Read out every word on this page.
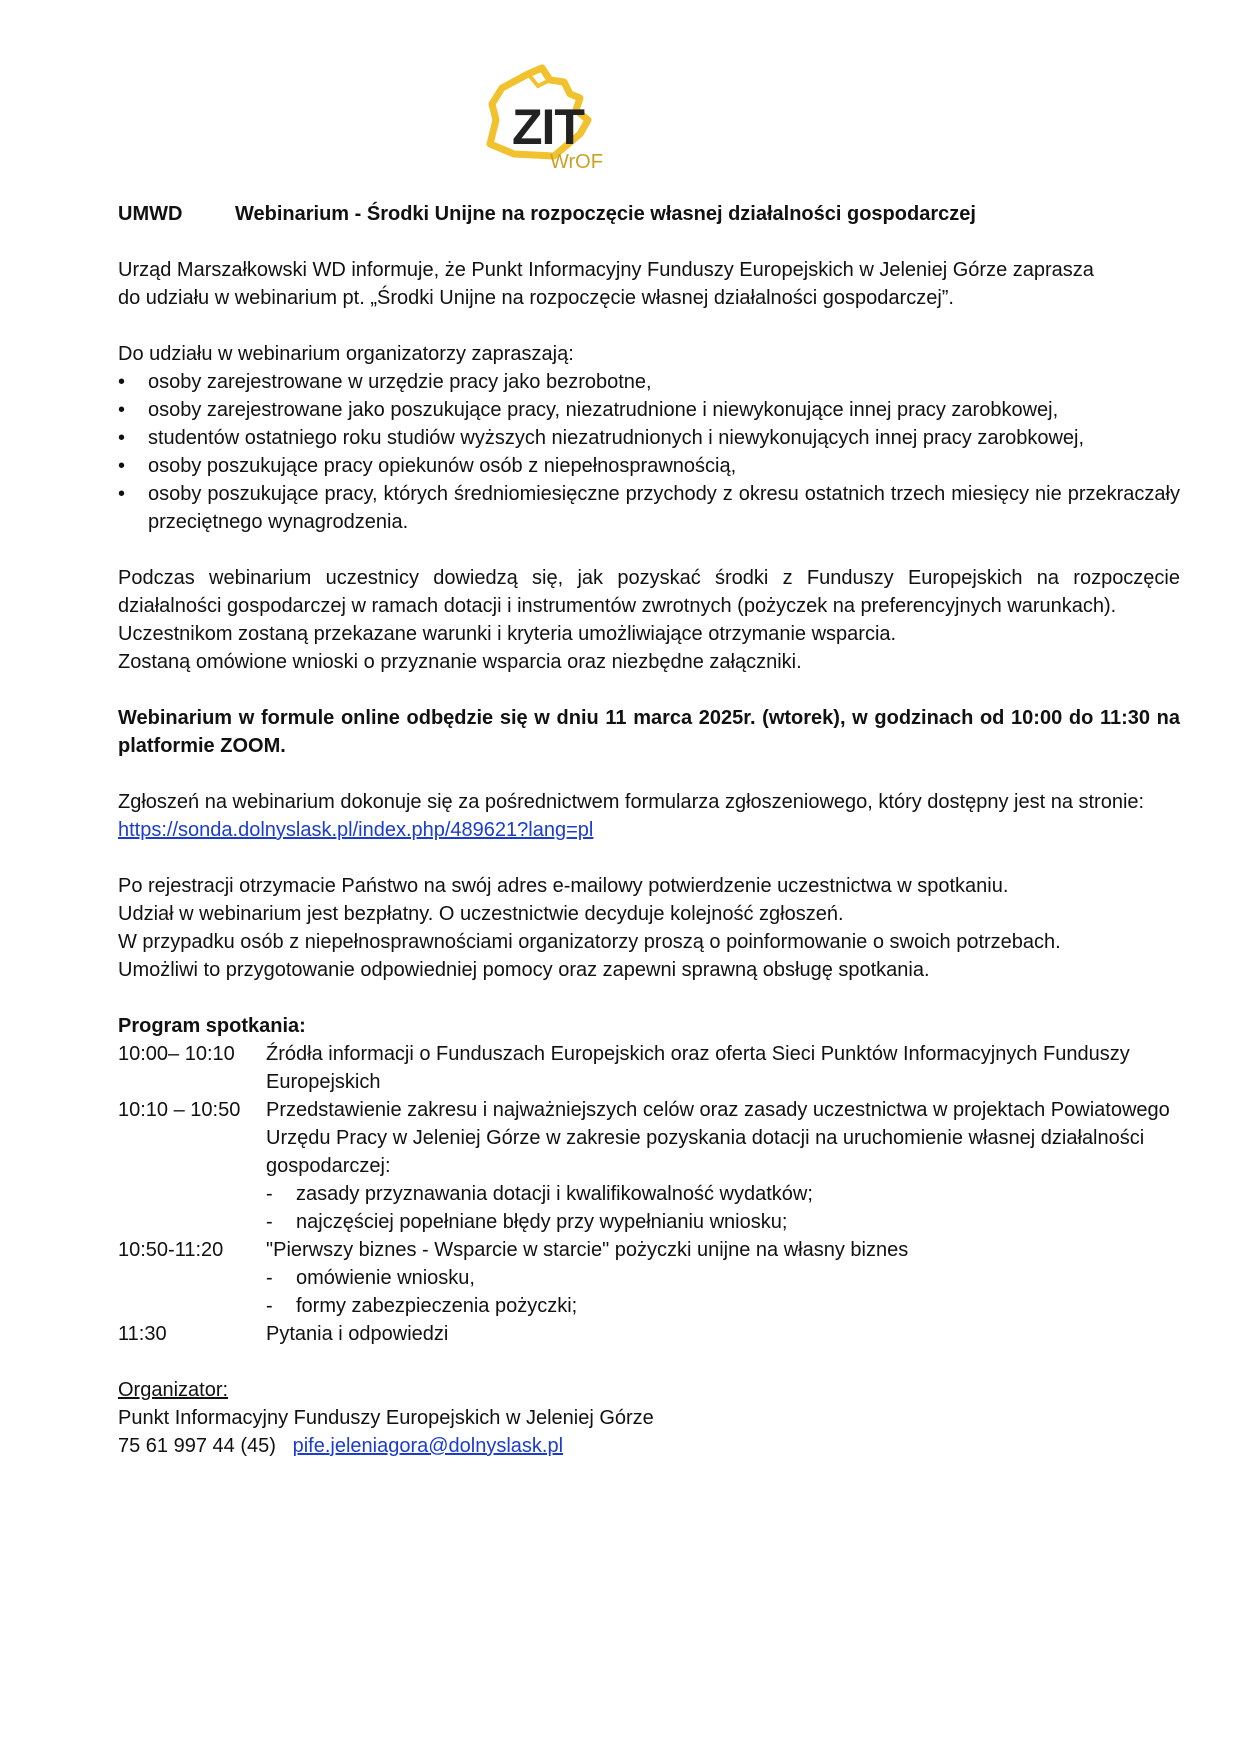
ZIT
WrOF
UMWD	Webinarium - Środki Unijne na rozpoczęcie własnej działalności gospodarczej

Urząd Marszałkowski WD informuje, że Punkt Informacyjny Funduszy Europejskich w Jeleniej Górze zaprasza

do udziału w webinarium pt. „Środki Unijne na rozpoczęcie własnej działalności gospodarczej”.

Do udziału w webinarium organizatorzy zapraszają:

• osoby zarejestrowane w urzędzie pracy jako bezrobotne,
• osoby zarejestrowane jako poszukujące pracy, niezatrudnione i niewykonujące innej pracy zarobkowej,
• studentów ostatniego roku studiów wyższych niezatrudnionych i niewykonujących innej pracy zarobkowej,
• osoby poszukujące pracy opiekunów osób z niepełnosprawnością,
• osoby poszukujące pracy, których średniomiesięczne przychody z okresu ostatnich trzech miesięcy nie przekraczały przeciętnego wynagrodzenia.

Podczas webinarium uczestnicy dowiedzą się, jak pozyskać środki z Funduszy Europejskich na rozpoczęcie działalności gospodarczej w ramach dotacji i instrumentów zwrotnych (pożyczek na preferencyjnych warunkach).

Uczestnikom zostaną przekazane warunki i kryteria umożliwiające otrzymanie wsparcia.

Zostaną omówione wnioski o przyznanie wsparcia oraz niezbędne załączniki.

Webinarium w formule online odbędzie się w dniu 11 marca 2025r. (wtorek), w godzinach od 10:00 do 11:30 na platformie ZOOM.

Zgłoszeń na webinarium dokonuje się za pośrednictwem formularza zgłoszeniowego, który dostępny jest na stronie:

https://sonda.dolnyslask.pl/index.php/489621?lang=pl

Po rejestracji otrzymacie Państwo na swój adres e-mailowy potwierdzenie uczestnictwa w spotkaniu.

Udział w webinarium jest bezpłatny. O uczestnictwie decyduje kolejność zgłoszeń.

W przypadku osób z niepełnosprawnościami organizatorzy proszą o poinformowanie o swoich potrzebach.

Umożliwi to przygotowanie odpowiedniej pomocy oraz zapewni sprawną obsługę spotkania.

Program spotkania:

10:00– 10:10	Źródła informacji o Funduszach Europejskich oraz oferta Sieci Punktów Informacyjnych Funduszy Europejskich
10:10 – 10:50	Przedstawienie zakresu i najważniejszych celów oraz zasady uczestnictwa w projektach Powiatowego Urzędu Pracy w Jeleniej Górze w zakresie pozyskania dotacji na uruchomienie własnej działalności gospodarczej:
-	zasady przyznawania dotacji i kwalifikowalność wydatków;
-	najczęściej popełniane błędy przy wypełnianiu wniosku;
10:50-11:20	"Pierwszy biznes - Wsparcie w starcie" pożyczki unijne na własny biznes
-	omówienie wniosku,
-	formy zabezpieczenia pożyczki;
11:30	Pytania i odpowiedzi

Organizator:

Punkt Informacyjny Funduszy Europejskich w Jeleniej Górze

75 61 997 44 (45) pife.jeleniagora@dolnyslask.pl
